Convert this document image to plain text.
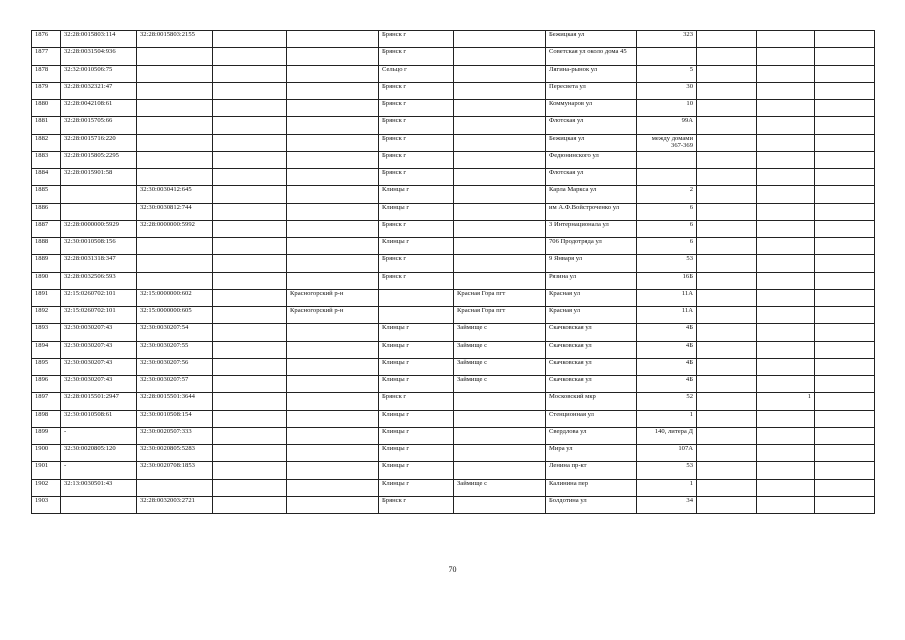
1876	32:28:0015803:114	32:28:0015803:2155			Брянск г		Бежицкая ул	323			
1877	32:28:0031504:936				Брянск г		Советская ул около дома 45				
1878	32:32:0010506:75				Сельцо г		Лягина-рынок ул	5			
1879	32:28:0032321:47				Брянск г		Пересвета ул	30			
1880	32:28:0042108:61				Брянск г		Коммунаров ул	10			
1881	32:28:0015705:66				Брянск г		Флотская ул	99А			
1882	32:28:0015716:220				Брянск г		Бежицкая ул	между домами 367-369			
1883	32:28:0015805:2295				Брянск г		Федюнинского ул				
1884	32:28:0015901:58				Брянск г		Флотская ул				
1885		32:30:0030412:645			Клинцы г		Карла Маркса ул	2			
1886		32:30:0030812:744			Клинцы г		им А.Ф.Войстроченко ул	6			
1887	32:28:0000000:5929	32:28:0000000:5992			Брянск г		3 Интернационала ул	6			
1888	32:30:0010508:156				Клинцы г		706 Продотряда ул	6			
1889	32:28:0031318:347				Брянск г		9 Января ул	53			
1890	32:28:0032506:593				Брянск г		Рязина ул	16Б			
1891	32:15:0260702:101	32:15:0000000:602		Красногорский р-н		Красная Гора пгт	Красная ул	11А			
1892	32:15:0260702:101	32:15:0000000:605		Красногорский р-н		Красная Гора пгт	Красная ул	11А			
1893	32:30:0030207:43	32:30:0030207:54			Клинцы г	Займище с	Скачковская ул	4Б			
1894	32:30:0030207:43	32:30:0030207:55			Клинцы г	Займище с	Скачковская ул	4Б			
1895	32:30:0030207:43	32:30:0030207:56			Клинцы г	Займище с	Скачковская ул	4Б			
1896	32:30:0030207:43	32:30:0030207:57			Клинцы г	Займище с	Скачковская ул	4Б			
1897	32:28:0015501:2947	32:28:0015501:3644			Брянск г		Московский мкр	52		1	
1898	32:30:0010508:61	32:30:0010508:154			Клинцы г		Стенционная ул	1			
1899	-	32:30:0020507:333			Клинцы г		Свердлова ул	140, литера Д			
1900	32:30:0020805:120	32:30:0020805:5283			Клинцы г		Мира ул	107А			
1901	-	32:30:0020708:1853			Клинцы г		Ленина пр-кт	53			
1902	32:13:0030501:43				Клинцы г	Займище с	Калинина пер	1			
1903		32:28:0032003:2721			Брянск г		Болдотина ул	34			
70
